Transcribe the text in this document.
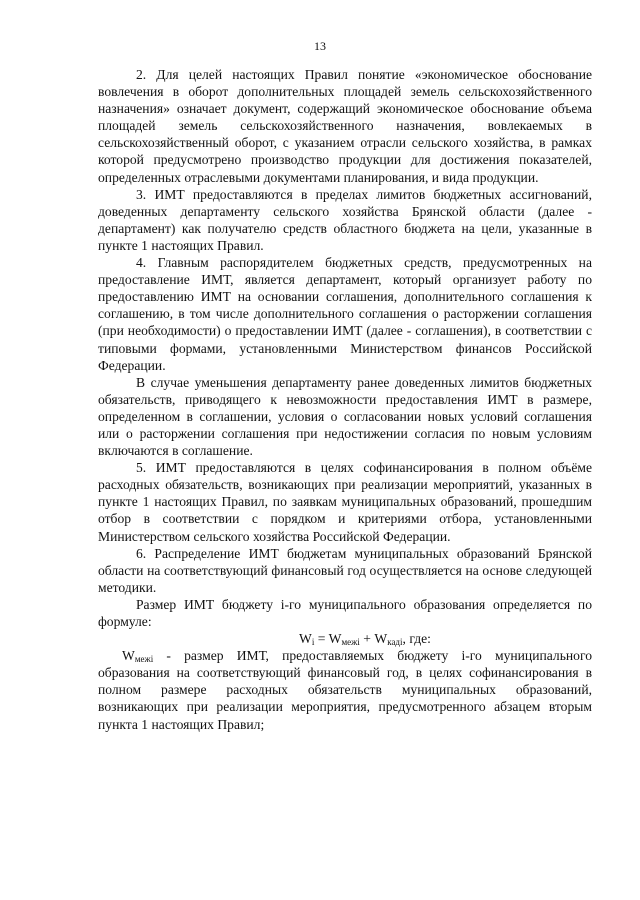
13

2. Для целей настоящих Правил понятие «экономическое обоснование вовлечения в оборот дополнительных площадей земель сельскохозяйственного назначения» означает документ, содержащий экономическое обоснование объема площадей земель сельскохозяйственного назначения, вовлекаемых в сельскохозяйственный оборот, с указанием отрасли сельского хозяйства, в рамках которой предусмотрено производство продукции для достижения показателей, определенных отраслевыми документами планирования, и вида продукции.

3. ИМТ предоставляются в пределах лимитов бюджетных ассигнований, доведенных департаменту сельского хозяйства Брянской области (далее - департамент) как получателю средств областного бюджета на цели, указанные в пункте 1 настоящих Правил.

4. Главным распорядителем бюджетных средств, предусмотренных на предоставление ИМТ, является департамент, который организует работу по предоставлению ИМТ на основании соглашения, дополнительного соглашения к соглашению, в том числе дополнительного соглашения о расторжении соглашения (при необходимости) о предоставлении ИМТ (далее - соглашения), в соответствии с типовыми формами, установленными Министерством финансов Российской Федерации.

В случае уменьшения департаменту ранее доведенных лимитов бюджетных обязательств, приводящего к невозможности предоставления ИМТ в размере, определенном в соглашении, условия о согласовании новых условий соглашения или о расторжении соглашения при недостижении согласия по новым условиям включаются в соглашение.

5. ИМТ предоставляются в целях софинансирования в полном объёме расходных обязательств, возникающих при реализации мероприятий, указанных в пункте 1 настоящих Правил, по заявкам муниципальных образований, прошедшим отбор в соответствии с порядком и критериями отбора, установленными Министерством сельского хозяйства Российской Федерации.

6. Распределение ИМТ бюджетам муниципальных образований Брянской области на соответствующий финансовый год осуществляется на основе следующей методики.

Размер ИМТ бюджету i-го муниципального образования определяется по формуле:

$W_i = W_{межі} + W_{каді}$, где:

$W_{межі}$ - размер ИМТ, предоставляемых бюджету i-го муниципального образования на соответствующий финансовый год, в целях софинансирования в полном размере расходных обязательств муниципальных образований, возникающих при реализации мероприятия, предусмотренного абзацем вторым пункта 1 настоящих Правил;
